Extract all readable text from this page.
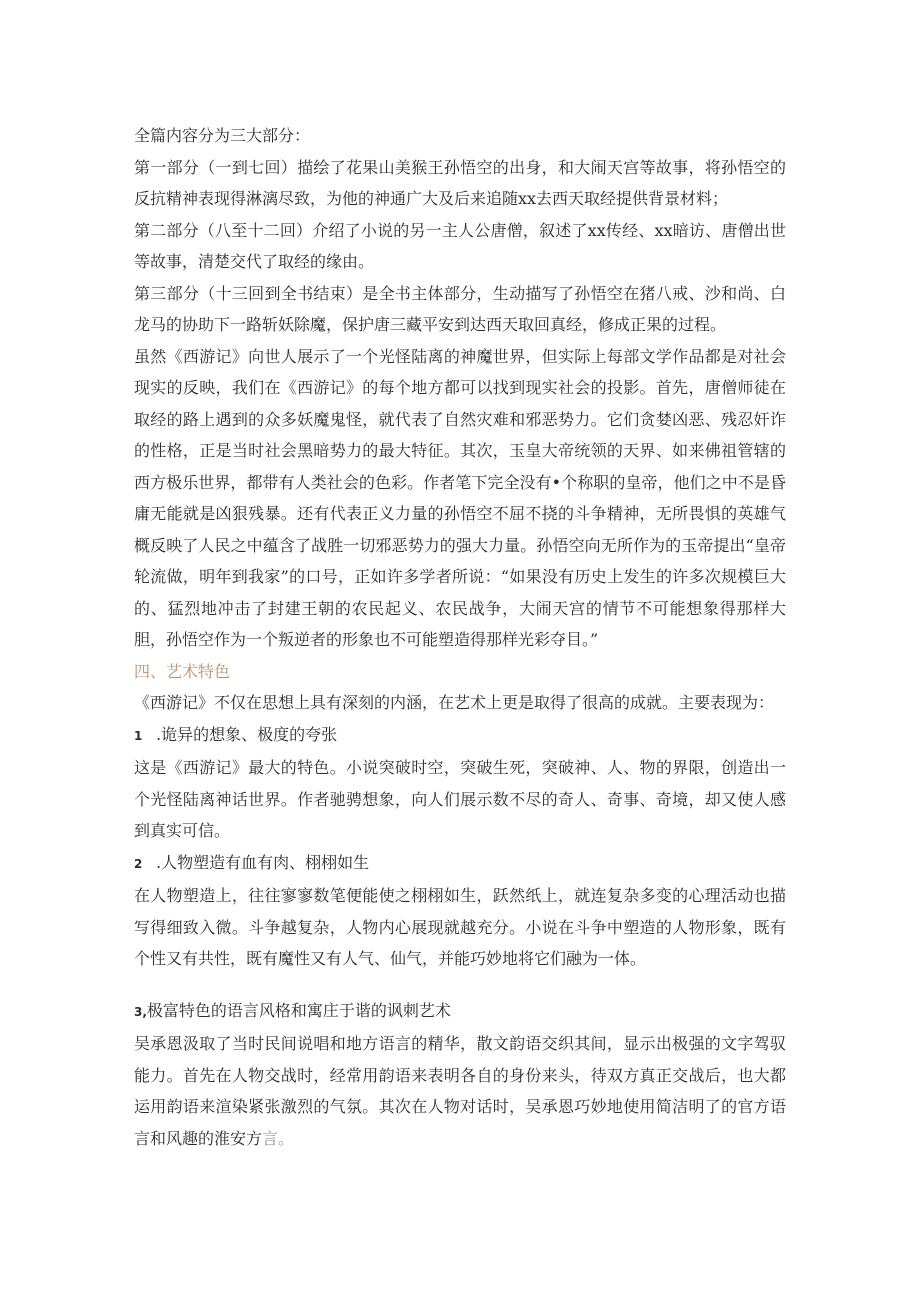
全篇内容分为三大部分：

第一部分（一到七回）描绘了花果山美猴王孙悟空的出身，和大闹天宫等故事，将孙悟空的反抗精神表现得淋漓尽致，为他的神通广大及后来追随xx去西天取经提供背景材料；

第二部分（八至十二回）介绍了小说的另一主人公唐僧，叙述了xx传经、xx暗访、唐僧出世等故事，清楚交代了取经的缘由。

第三部分（十三回到全书结束）是全书主体部分，生动描写了孙悟空在猪八戒、沙和尚、白龙马的协助下一路斩妖除魔，保护唐三藏平安到达西天取回真经，修成正果的过程。

虽然《西游记》向世人展示了一个光怪陆离的神魔世界，但实际上每部文学作品都是对社会现实的反映，我们在《西游记》的每个地方都可以找到现实社会的投影。首先，唐僧师徒在取经的路上遇到的众多妖魔鬼怪，就代表了自然灾难和邪恶势力。它们贪婪凶恶、残忍奸诈的性格，正是当时社会黑暗势力的最大特征。其次，玉皇大帝统领的天界、如来佛祖管辖的西方极乐世界，都带有人类社会的色彩。作者笔下完全没有•个称职的皇帝，他们之中不是昏庸无能就是凶狠残暴。还有代表正义力量的孙悟空不屈不挠的斗争精神，无所畏惧的英雄气概反映了人民之中蕴含了战胜一切邪恶势力的强大力量。孙悟空向无所作为的玉帝提出“皇帝轮流做，明年到我家”的口号，正如许多学者所说：“如果没有历史上发生的许多次规模巨大的、猛烈地冲击了封建王朝的农民起义、农民战争，大闹天宫的情节不可能想象得那样大胆，孙悟空作为一个叛逆者的形象也不可能塑造得那样光彩夺目。”

四、艺术特色

《西游记》不仅在思想上具有深刻的内涵，在艺术上更是取得了很高的成就。主要表现为：

1 .诡异的想象、极度的夸张

这是《西游记》最大的特色。小说突破时空，突破生死，突破神、人、物的界限，创造出一个光怪陆离神话世界。作者驰骋想象，向人们展示数不尽的奇人、奇事、奇境，却又使人感到真实可信。

2 .人物塑造有血有肉、栩栩如生

在人物塑造上，往往寥寥数笔便能使之栩栩如生，跃然纸上，就连复杂多变的心理活动也描写得细致入微。斗争越复杂，人物内心展现就越充分。小说在斗争中塑造的人物形象，既有个性又有共性，既有魔性又有人气、仙气，并能巧妙地将它们融为一体。

3,极富特色的语言风格和寓庄于谐的讽刺艺术

吴承恩汲取了当时民间说唱和地方语言的精华，散文韵语交织其间，显示出极强的文字驾驭能力。首先在人物交战时，经常用韵语来表明各自的身份来头，待双方真正交战后，也大都运用韵语来渲染紧张激烈的气氛。其次在人物对话时，吴承恩巧妙地使用简洁明了的官方语言和风趣的淮安方言。
